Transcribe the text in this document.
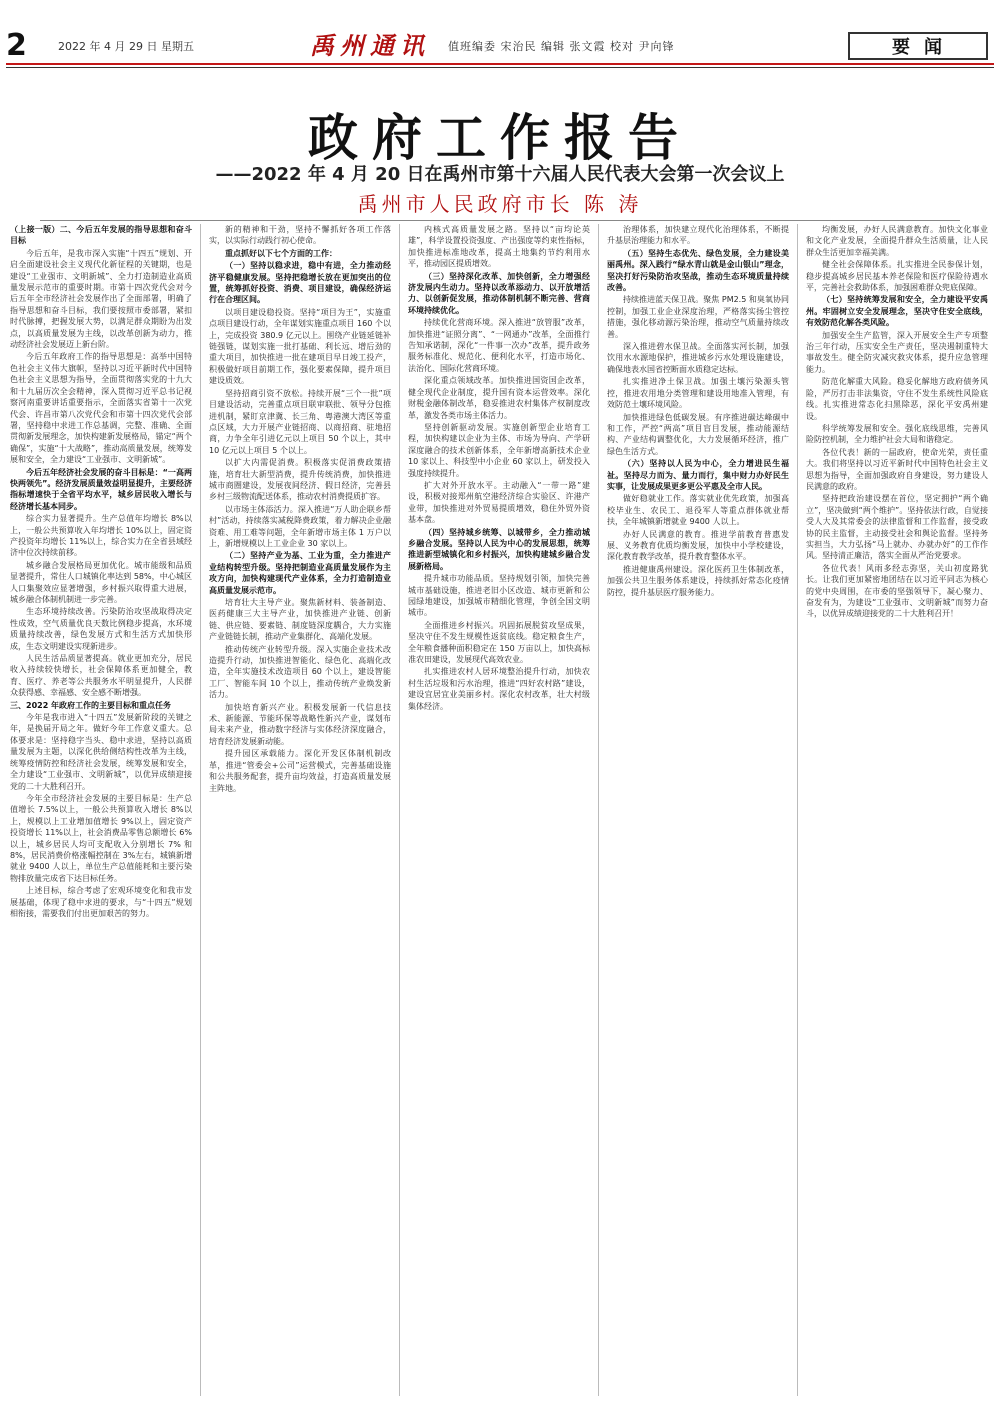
2	2022 年 4 月 29 日 星期五	禹州通讯	值班编委 宋治民 编辑 张文霞 校对 尹向锋	要闻
政府工作报告
——2022 年 4 月 20 日在禹州市第十六届人民代表大会第一次会议上
禹州市人民政府市长 陈 涛

（上接一版）二、今后五年发展的指导思想和奋斗目标

今后五年，是我市深入实施“十四五”规划、开启全面建设社会主义现代化新征程的关键期，也是建设“工业强市、文明新城”、全力打造制造业高质量发展示范市的重要时期。市第十四次党代会对今后五年全市经济社会发展作出了全面部署，明确了指导思想和奋斗目标，我们要按照市委部署，紧扣时代脉搏，把握发展大势，以满足群众期盼为出发点，以高质量发展为主线，以改革创新为动力，推动经济社会发展迈上新台阶。

今后五年政府工作的指导思想是：高举中国特色社会主义伟大旗帜，坚持以习近平新时代中国特色社会主义思想为指导，全面贯彻落实党的十九大和十九届历次全会精神，深入贯彻习近平总书记视察河南重要讲话重要指示，全面落实省第十一次党代会、许昌市第八次党代会和市第十四次党代会部署，坚持稳中求进工作总基调，完整、准确、全面贯彻新发展理念，加快构建新发展格局，锚定“两个确保”，实施“十大战略”，推动高质量发展，统筹发展和安全，全力建设“工业强市、文明新城”。

今后五年经济社会发展的奋斗目标是：“一高两快两领先”。经济发展质量效益明显提升，主要经济指标增速快于全省平均水平，城乡居民收入增长与经济增长基本同步。

综合实力显著提升。生产总值年均增长 8%以上，一般公共预算收入年均增长 10%以上，固定资产投资年均增长 11%以上，综合实力在全省县域经济中位次持续前移。

城乡融合发展格局更加优化。城市能级和品质显著提升，常住人口城镇化率达到 58%，中心城区人口集聚效应显著增强，乡村振兴取得重大进展，城乡融合体制机制进一步完善。

生态环境持续改善。污染防治攻坚战取得决定性成效，空气质量优良天数比例稳步提高，水环境质量持续改善，绿色发展方式和生活方式加快形成，生态文明建设实现新进步。

人民生活品质显著提高。就业更加充分，居民收入持续较快增长，社会保障体系更加健全，教育、医疗、养老等公共服务水平明显提升，人民群众获得感、幸福感、安全感不断增强。

三、2022 年政府工作的主要目标和重点任务

今年是我市进入“十四五”发展新阶段的关键之年，是换届开局之年。做好今年工作意义重大。总体要求是：坚持稳字当头、稳中求进，坚持以高质量发展为主题，以深化供给侧结构性改革为主线，统筹疫情防控和经济社会发展，统筹发展和安全，全力建设“工业强市、文明新城”，以优异成绩迎接党的二十大胜利召开。

今年全市经济社会发展的主要目标是：生产总值增长 7.5%以上，一般公共预算收入增长 8%以上，规模以上工业增加值增长 9%以上，固定资产投资增长 11%以上，社会消费品零售总额增长 6%以上，城乡居民人均可支配收入分别增长 7% 和 8%，居民消费价格涨幅控制在 3%左右，城镇新增就业 9400 人以上，单位生产总值能耗和主要污染物排放量完成省下达目标任务。

上述目标，综合考虑了宏观环境变化和我市发展基础，体现了稳中求进的要求，与“十四五”规划相衔接，需要我们付出更加艰苦的努力。

新的精神和干劲，坚持不懈抓好各项工作落实，以实际行动践行初心使命。

重点抓好以下七个方面的工作：

（一）坚持以稳求进，稳中有进，全力推动经济平稳健康发展。坚持把稳增长放在更加突出的位置，统筹抓好投资、消费、项目建设，确保经济运行在合理区间。

以项目建设稳投资。坚持“项目为王”，实施重点项目建设行动，全年谋划实施重点项目 160 个以上，完成投资 380.9 亿元以上。围绕产业链延链补链强链，谋划实施一批打基础、利长远、增后劲的重大项目，加快推进一批在建项目早日竣工投产，积极做好项目前期工作，强化要素保障，提升项目建设质效。

坚持招商引资不放松。持续开展“三个一批”项目建设活动，完善重点项目联审联批、领导分包推进机制，紧盯京津冀、长三角、粤港澳大湾区等重点区域，大力开展产业链招商、以商招商、驻地招商，力争全年引进亿元以上项目 50 个以上，其中 10 亿元以上项目 5 个以上。

以扩大内需促消费。积极落实促消费政策措施，培育壮大新型消费，提升传统消费，加快推进城市商圈建设，发展夜间经济、假日经济，完善县乡村三级物流配送体系，推动农村消费提质扩容。

以市场主体添活力。深入推进“万人助企联乡帮村”活动，持续落实减税降费政策，着力解决企业融资难、用工难等问题，全年新增市场主体 1 万户以上，新增规模以上工业企业 30 家以上。

（二）坚持产业为基、工业为重，全力推进产业结构转型升级。坚持把制造业高质量发展作为主攻方向，加快构建现代产业体系，全力打造制造业高质量发展示范市。

培育壮大主导产业。聚焦新材料、装备制造、医药健康三大主导产业，加快推进产业链、创新链、供应链、要素链、制度链深度耦合，大力实施产业链链长制，推动产业集群化、高端化发展。

推动传统产业转型升级。深入实施企业技术改造提升行动，加快推进智能化、绿色化、高端化改造，全年实施技术改造项目 60 个以上，建设智能工厂、智能车间 10 个以上，推动传统产业焕发新活力。

加快培育新兴产业。积极发展新一代信息技术、新能源、节能环保等战略性新兴产业，谋划布局未来产业，推动数字经济与实体经济深度融合，培育经济发展新动能。

提升园区承载能力。深化开发区体制机制改革，推进“管委会+公司”运营模式，完善基础设施和公共服务配套，提升亩均效益，打造高质量发展主阵地。

内核式高质量发展之路。坚持以“亩均论英雄”，科学设置投资强度、产出强度等约束性指标，加快推进标准地改革，提高土地集约节约利用水平，推动园区提质增效。

（三）坚持深化改革、加快创新，全力增强经济发展内生动力。坚持以改革添动力、以开放增活力、以创新促发展，推动体制机制不断完善、营商环境持续优化。

持续优化营商环境。深入推进“放管服”改革，加快推进“证照分离”、“一网通办”改革，全面推行告知承诺制，深化“一件事一次办”改革，提升政务服务标准化、规范化、便利化水平，打造市场化、法治化、国际化营商环境。

深化重点领域改革。加快推进国资国企改革，健全现代企业制度，提升国有资本运营效率。深化财税金融体制改革，稳妥推进农村集体产权制度改革，激发各类市场主体活力。

坚持创新驱动发展。实施创新型企业培育工程，加快构建以企业为主体、市场为导向、产学研深度融合的技术创新体系，全年新增高新技术企业 10 家以上、科技型中小企业 60 家以上，研发投入强度持续提升。

扩大对外开放水平。主动融入“一带一路”建设，积极对接郑州航空港经济综合实验区、许港产业带，加快推进对外贸易提质增效，稳住外贸外资基本盘。

（四）坚持城乡统筹、以城带乡，全力推动城乡融合发展。坚持以人民为中心的发展思想，统筹推进新型城镇化和乡村振兴，加快构建城乡融合发展新格局。

提升城市功能品质。坚持规划引领，加快完善城市基础设施，推进老旧小区改造、城市更新和公园绿地建设，加强城市精细化管理，争创全国文明城市。

全面推进乡村振兴。巩固拓展脱贫攻坚成果，坚决守住不发生规模性返贫底线。稳定粮食生产，全年粮食播种面积稳定在 150 万亩以上，加快高标准农田建设，发展现代高效农业。

扎实推进农村人居环境整治提升行动，加快农村生活垃圾和污水治理，推进“四好农村路”建设，建设宜居宜业美丽乡村。深化农村改革，壮大村级集体经济。

治理体系，加快建立现代化治理体系，不断提升基层治理能力和水平。

（五）坚持生态优先、绿色发展，全力建设美丽禹州。深入践行“绿水青山就是金山银山”理念，坚决打好污染防治攻坚战，推动生态环境质量持续改善。

持续推进蓝天保卫战。聚焦 PM2.5 和臭氧协同控制，加强工业企业深度治理，严格落实扬尘管控措施，强化移动源污染治理，推动空气质量持续改善。

深入推进碧水保卫战。全面落实河长制，加强饮用水水源地保护，推进城乡污水处理设施建设，确保地表水国省控断面水质稳定达标。

扎实推进净土保卫战。加强土壤污染源头管控，推进农用地分类管理和建设用地准入管理，有效防范土壤环境风险。

加快推进绿色低碳发展。有序推进碳达峰碳中和工作，严控“两高”项目盲目发展，推动能源结构、产业结构调整优化，大力发展循环经济，推广绿色生活方式。

（六）坚持以人民为中心，全力增进民生福祉。坚持尽力而为、量力而行，集中财力办好民生实事，让发展成果更多更公平惠及全市人民。

做好稳就业工作。落实就业优先政策，加强高校毕业生、农民工、退役军人等重点群体就业帮扶，全年城镇新增就业 9400 人以上。

办好人民满意的教育。推进学前教育普惠发展、义务教育优质均衡发展，加快中小学校建设，深化教育教学改革，提升教育整体水平。

推进健康禹州建设。深化医药卫生体制改革，加强公共卫生服务体系建设，持续抓好常态化疫情防控，提升基层医疗服务能力。

均衡发展，办好人民满意教育。加快文化事业和文化产业发展，全面提升群众生活质量，让人民群众生活更加幸福美满。

健全社会保障体系。扎实推进全民参保计划，稳步提高城乡居民基本养老保险和医疗保险待遇水平，完善社会救助体系，加强困难群众兜底保障。

（七）坚持统筹发展和安全，全力建设平安禹州。牢固树立安全发展理念，坚决守住安全底线，有效防范化解各类风险。

加强安全生产监管，深入开展安全生产专项整治三年行动，压实安全生产责任，坚决遏制重特大事故发生。健全防灾减灾救灾体系，提升应急管理能力。

防范化解重大风险。稳妥化解地方政府债务风险，严厉打击非法集资，守住不发生系统性风险底线。扎实推进常态化扫黑除恶，深化平安禹州建设。

科学统筹发展和安全。强化底线思维，完善风险防控机制，全力维护社会大局和谐稳定。

各位代表！新的一届政府，使命光荣，责任重大。我们将坚持以习近平新时代中国特色社会主义思想为指导，全面加强政府自身建设，努力建设人民满意的政府。

坚持把政治建设摆在首位，坚定拥护“两个确立”，坚决做到“两个维护”。坚持依法行政，自觉接受人大及其常委会的法律监督和工作监督，接受政协的民主监督，主动接受社会和舆论监督。坚持务实担当，大力弘扬“马上就办、办就办好”的工作作风。坚持清正廉洁，落实全面从严治党要求。

各位代表！风雨多经志弥坚，关山初度路犹长。让我们更加紧密地团结在以习近平同志为核心的党中央周围，在市委的坚强领导下，凝心聚力、奋发有为，为建设“工业强市、文明新城”而努力奋斗，以优异成绩迎接党的二十大胜利召开！
